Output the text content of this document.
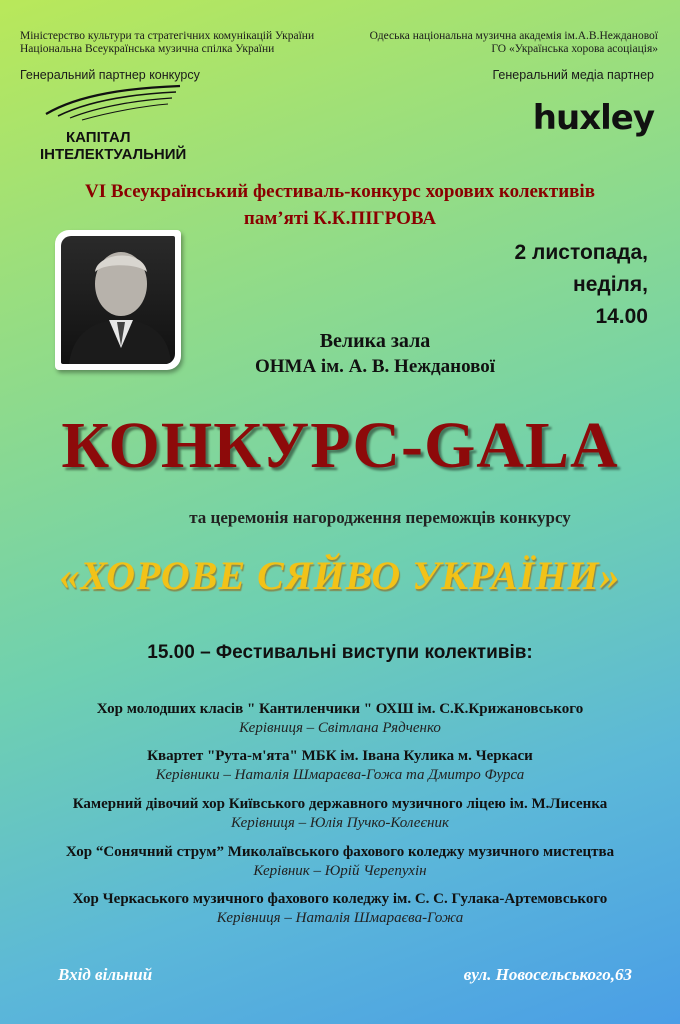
Міністерство культури та стратегічних комунікацій України

Національна Всеукраїнська музична спілка України

Одеська національна музична академія ім.А.В.Нежданової

ГО «Українська хорова асоціація»

Генеральний партнер конкурсу	Генеральний медіа партнер

КАПІТАЛ
ІНТЕЛЕКТУАЛЬНИЙ
huxley
VI Всеукраїнський фестиваль-конкурс хорових колективів
пам’яті К.К.ПІГРОВА
2 листопада,
неділя,
14.00
Велика зала
ОНМА ім. А. В. Нежданової
КОНКУРС-GALA
та церемонія нагородження переможців конкурсу
«ХОРОВЕ СЯЙВО УКРАЇНИ»
15.00 – Фестивальні виступи колективів:
Хор молодших класів " Кантиленчики " ОХШ ім. С.К.Крижановського
Керівниця – Світлана Рядченко
Квартет "Рута-м'ята" МБК ім. Івана Кулика м. Черкаси
Керівники – Наталія Шмараєва-Гожа та Дмитро Фурса
Камерний дівочий хор Київського державного музичного ліцею ім. М.Лисенка
Керівниця – Юлія Пучко-Колеєник
Хор “Сонячний струм” Миколаївського фахового коледжу музичного мистецтва
Керівник – Юрій Черепухін
Хор Черкаського музичного фахового коледжу ім. С. С. Гулака-Артемовського
Керівниця – Наталія Шмараєва-Гожа
Вхід вільний	вул. Новосельського,63
